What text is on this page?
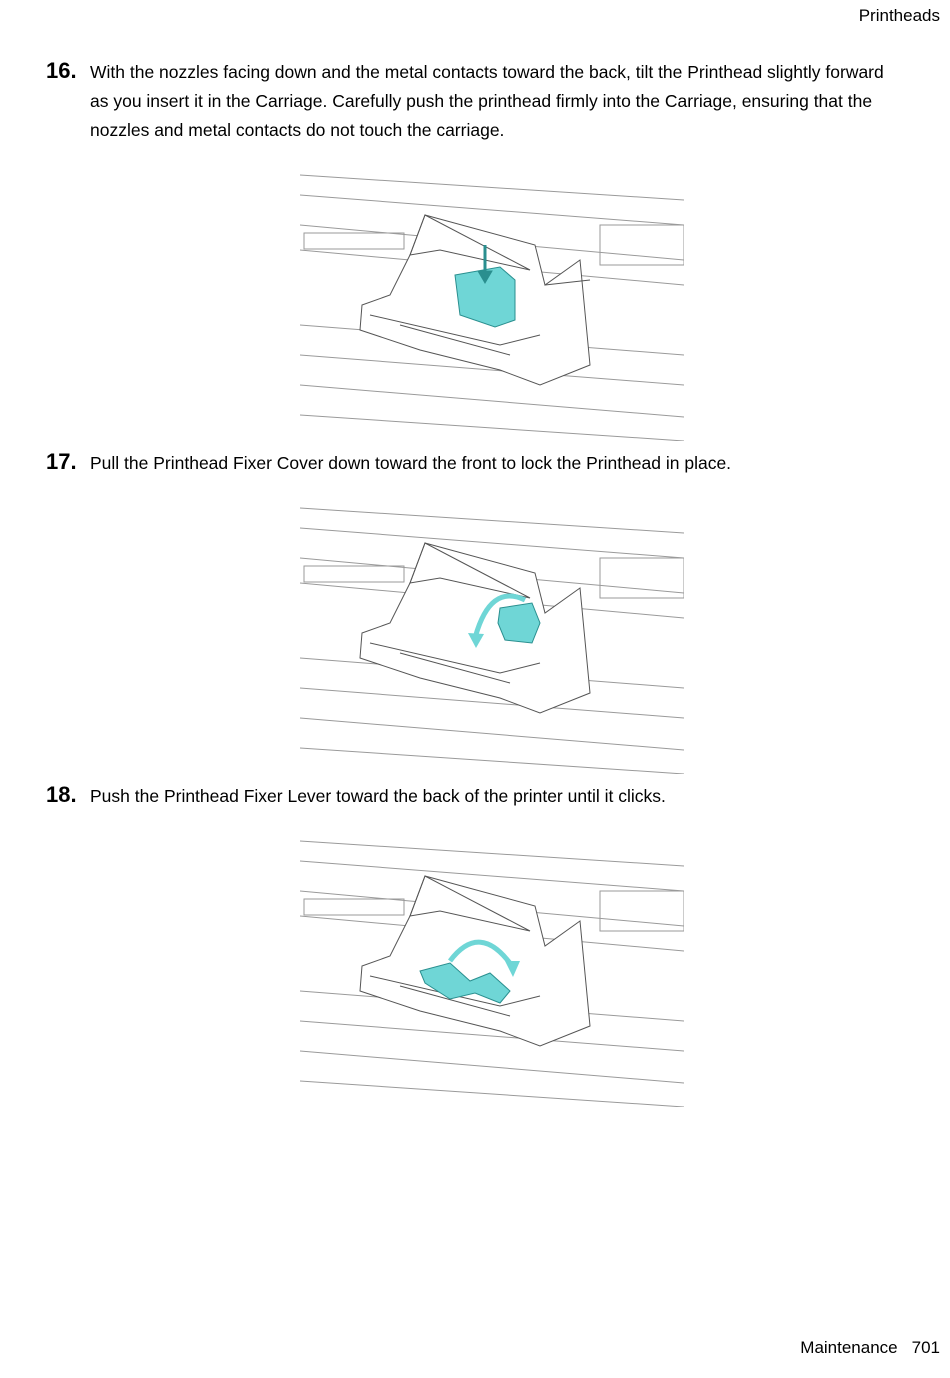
Printheads
16. With the nozzles facing down and the metal contacts toward the back, tilt the Printhead slightly forward as you insert it in the Carriage. Carefully push the printhead firmly into the Carriage, ensuring that the nozzles and metal contacts do not touch the carriage.
17. Pull the Printhead Fixer Cover down toward the front to lock the Printhead in place.
18. Push the Printhead Fixer Lever toward the back of the printer until it clicks.
Maintenance 701
